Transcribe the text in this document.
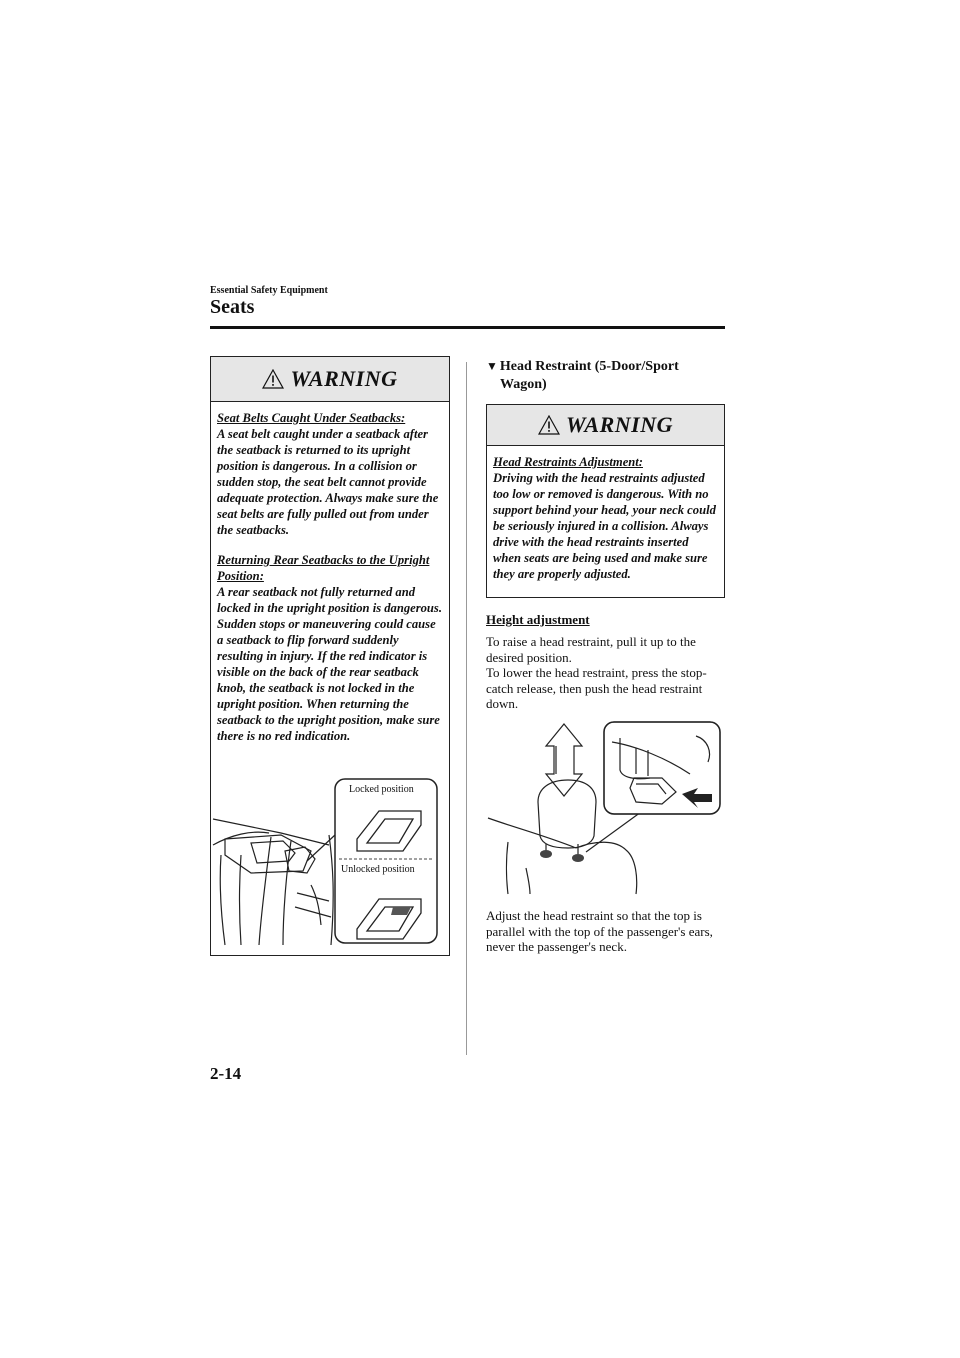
Essential Safety Equipment
Seats
WARNING

Seat Belts Caught Under Seatbacks:
A seat belt caught under a seatback after the seatback is returned to its upright position is dangerous. In a collision or sudden stop, the seat belt cannot provide adequate protection. Always make sure the seat belts are fully pulled out from under the seatbacks.

Returning Rear Seatbacks to the Upright Position:
A rear seatback not fully returned and locked in the upright position is dangerous. Sudden stops or maneuvering could cause a seatback to flip forward suddenly resulting in injury. If the red indicator is visible on the back of the rear seatback knob, the seatback is not locked in the upright position. When returning the seatback to the upright position, make sure there is no red indication.

Locked position
Unlocked position
▼ Head Restraint (5-Door/Sport
Wagon)
WARNING
Head Restraints Adjustment:
Driving with the head restraints adjusted too low or removed is dangerous. With no support behind your head, your neck could be seriously injured in a collision. Always drive with the head restraints inserted when seats are being used and make sure they are properly adjusted.
Height adjustment
To raise a head restraint, pull it up to the desired position.
To lower the head restraint, press the stop-catch release, then push the head restraint down.
Adjust the head restraint so that the top is parallel with the top of the passenger's ears, never the passenger's neck.
2-14
